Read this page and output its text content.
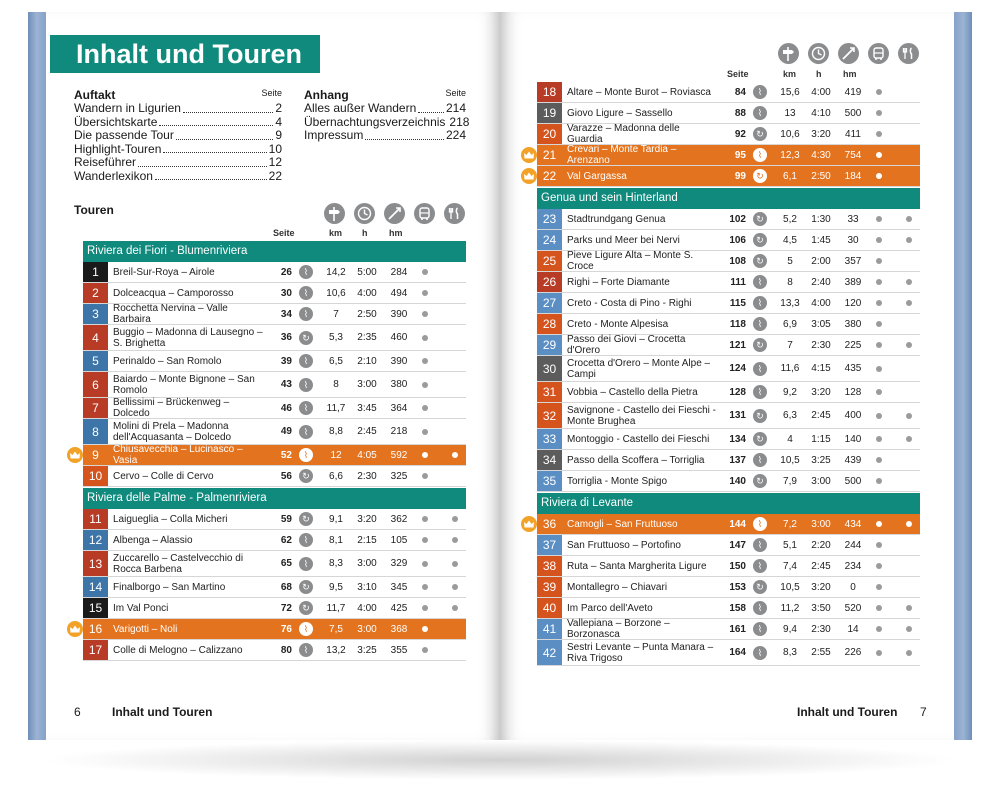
Inhalt und Touren
Auftakt	Seite
Wandern in Ligurien	2
Übersichtskarte	4
Die passende Tour	9
Highlight-Touren	10
Reiseführer	12
Wanderlexikon	22
Anhang	Seite
Alles außer Wandern 214
Übernachtungsverzeichnis 218
Impressum	224
Touren
Seite	km h hm
Seite	km h hm
Riviera dei Fiori - Blumenriviera
1	Breil-Sur-Roya – Airole	26	⌇	14,2	5:00	284
2	Dolceacqua – Camporosso	30	⌇	10,6	4:00	494
3	Rocchetta Nervina – Valle Barbaira	34	⌇	7	2:50	390
4	Buggio – Madonna di Lausegno – S. Brighetta	36	↻	5,3	2:35	460
5	Perinaldo – San Romolo	39	⌇	6,5	2:10	390
6	Baiardo – Monte Bignone – San Romolo	43	⌇	8	3:00	380
7	Bellissimi – Brückenweg – Dolcedo	46	⌇	11,7	3:45	364
8	Molini di Prela – Madonna dell'Acquasanta – Dolcedo	49	⌇	8,8	2:45	218
9	Chiusavecchia – Lucinasco – Vasia	52	⌇	12	4:05	592
10	Cervo – Colle di Cervo	56	↻	6,6	2:30	325
Riviera delle Palme - Palmenriviera
11	Laigueglia – Colla Micheri	59	↻	9,1	3:20	362
12	Albenga – Alassio	62	⌇	8,1	2:15	105
13	Zuccarello – Castelvecchio di Rocca Barbena	65	⌇	8,3	3:00	329
14	Finalborgo – San Martino	68	↻	9,5	3:10	345
15	Im Val Ponci	72	↻	11,7	4:00	425
16	Varigotti – Noli	76	⌇	7,5	3:00	368
17	Colle di Melogno – Calizzano	80	⌇	13,2	3:25	355
18	Altare – Monte Burot – Roviasca	84	⌇	15,6	4:00	419
19	Giovo Ligure – Sassello	88	⌇	13	4:10	500
20	Varazze – Madonna delle Guardia	92	↻	10,6	3:20	411
21	Crevari – Monte Tardia – Arenzano	95	⌇	12,3	4:30	754
22	Val Gargassa	99	↻	6,1	2:50	184
Genua und sein Hinterland
23	Stadtrundgang Genua	102	↻	5,2	1:30	33
24	Parks und Meer bei Nervi	106	↻	4,5	1:45	30
25	Pieve Ligure Alta – Monte S. Croce	108	↻	5	2:00	357
26	Righi – Forte Diamante	111	⌇	8	2:40	389
27	Creto - Costa di Pino - Righi	115	⌇	13,3	4:00	120
28	Creto - Monte Alpesisa	118	⌇	6,9	3:05	380
29	Passo dei Giovi – Crocetta d'Orero	121	↻	7	2:30	225
30	Crocetta d'Orero – Monte Alpe – Campi	124	⌇	11,6	4:15	435
31	Vobbia – Castello della Pietra	128	⌇	9,2	3:20	128
32	Savignone - Castello dei Fieschi - Monte Brughea	131	↻	6,3	2:45	400
33	Montoggio - Castello dei Fieschi	134	↻	4	1:15	140
34	Passo della Scoffera – Torriglia	137	⌇	10,5	3:25	439
35	Torriglia - Monte Spigo	140	↻	7,9	3:00	500
Riviera di Levante
36	Camogli – San Fruttuoso	144	⌇	7,2	3:00	434
37	San Fruttuoso – Portofino	147	⌇	5,1	2:20	244
38	Ruta – Santa Margherita Ligure	150	⌇	7,4	2:45	234
39	Montallegro – Chiavari	153	↻	10,5	3:20	0
40	Im Parco dell'Aveto	158	⌇	11,2	3:50	520
41	Vallepiana – Borzone – Borzonasca	161	⌇	9,4	2:30	14
42	Sestri Levante – Punta Manara – Riva Trigoso	164	⌇	8,3	2:55	226
6	Inhalt und Touren	Inhalt und Touren 7
